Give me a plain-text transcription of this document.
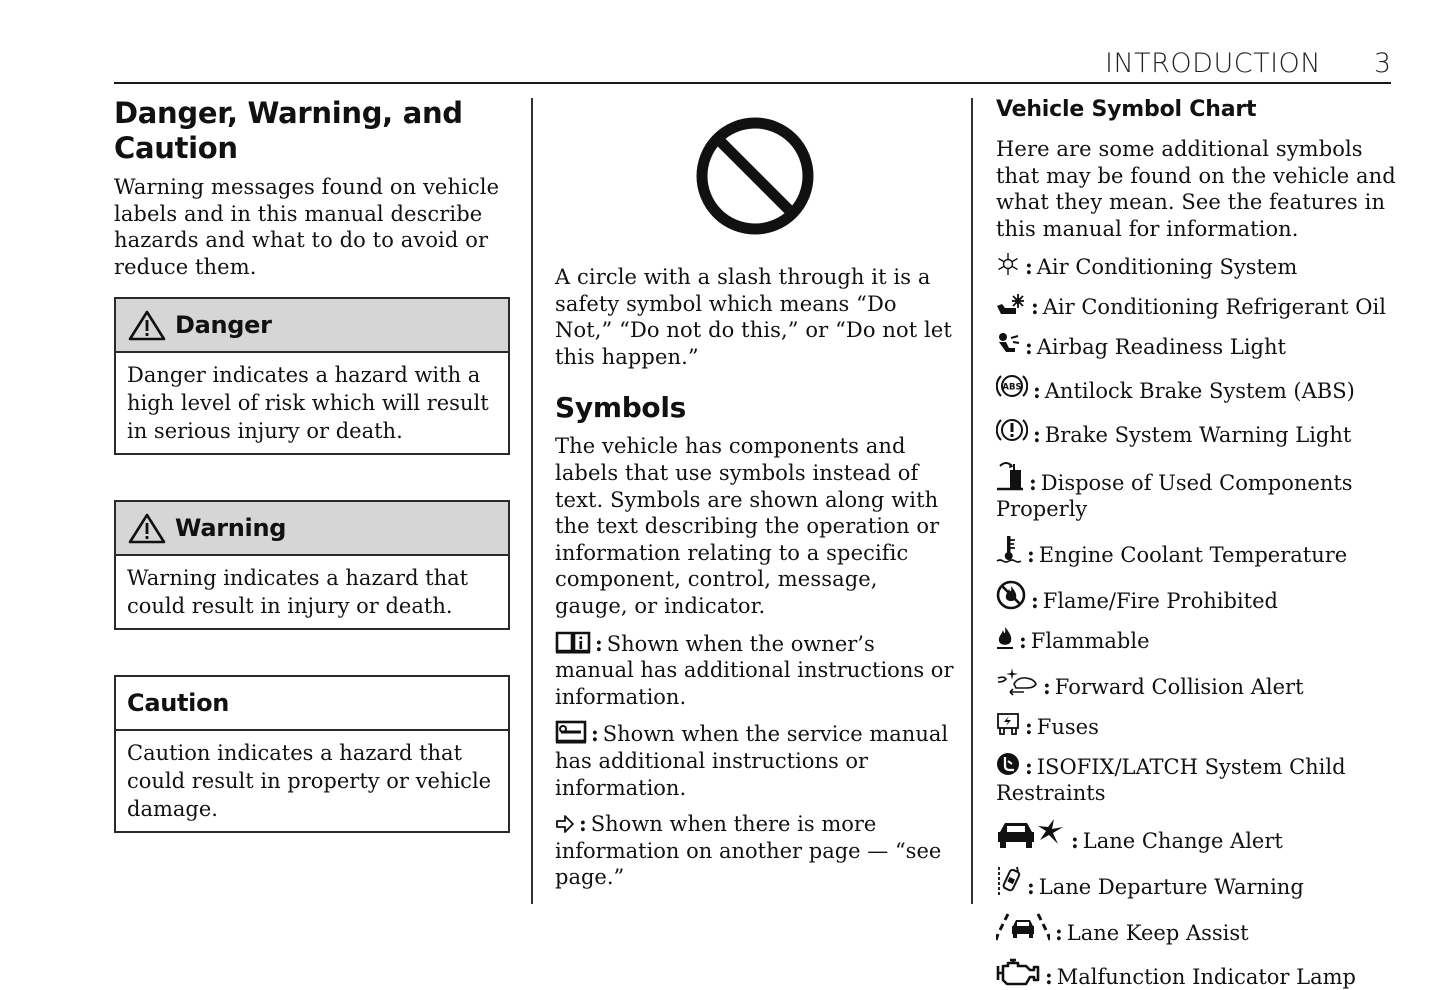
INTRODUCTION 3
Danger, Warning, and Caution

Warning messages found on vehicle labels and in this manual describe hazards and what to do to avoid or reduce them.

Danger
Danger indicates a hazard with a high level of risk which will result in serious injury or death.
Warning
Warning indicates a hazard that could result in injury or death.
Caution
Caution indicates a hazard that could result in property or vehicle damage.

A circle with a slash through it is a safety symbol which means “Do Not,” “Do not do this,” or “Do not let this happen.”

Symbols

The vehicle has components and labels that use symbols instead of text. Symbols are shown along with the text describing the operation or information relating to a specific component, control, message, gauge, or indicator.

: Shown when the owner’s manual has additional instructions or information.

: Shown when the service manual has additional instructions or information.

: Shown when there is more information on another page — “see page.”

Vehicle Symbol Chart

Here are some additional symbols that may be found on the vehicle and what they mean. See the features in this manual for information.

: Air Conditioning System

: Air Conditioning Refrigerant Oil

: Airbag Readiness Light

ABS : Antilock Brake System (ABS)

: Brake System Warning Light

: Dispose of Used Components Properly

: Engine Coolant Temperature

: Flame/Fire Prohibited

: Flammable

: Forward Collision Alert

: Fuses

: ISOFIX/LATCH System Child Restraints

: Lane Change Alert

: Lane Departure Warning

: Lane Keep Assist

: Malfunction Indicator Lamp
